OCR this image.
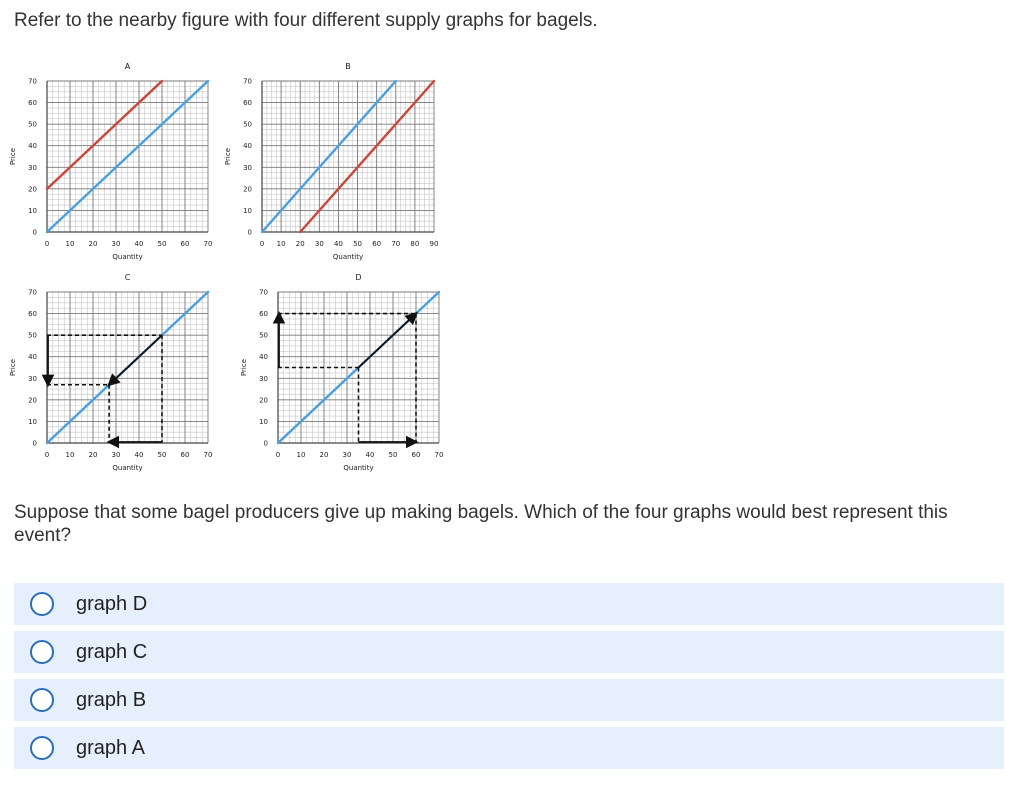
Refer to the nearby figure with four different supply graphs for bagels.

0 10 20 30 40 50 60 70
0
10
20
30
40
50
60
70
A
Quantity
Price
0 10 20 30 40 50 60 70 80 90
0
10
20
30
40
50
60
70
B
Quantity
Price
0 10 20 30 40 50 60 70
0
10
20
30
40
50
60
70
C
Quantity
Price
0 10 20 30 40 50 60 70
0
10
20
30
40
50
60
70
D
Quantity
Price

Suppose that some bagel producers give up making bagels. Which of the four graphs would best represent this event?

graph D
graph C
graph B
graph A
